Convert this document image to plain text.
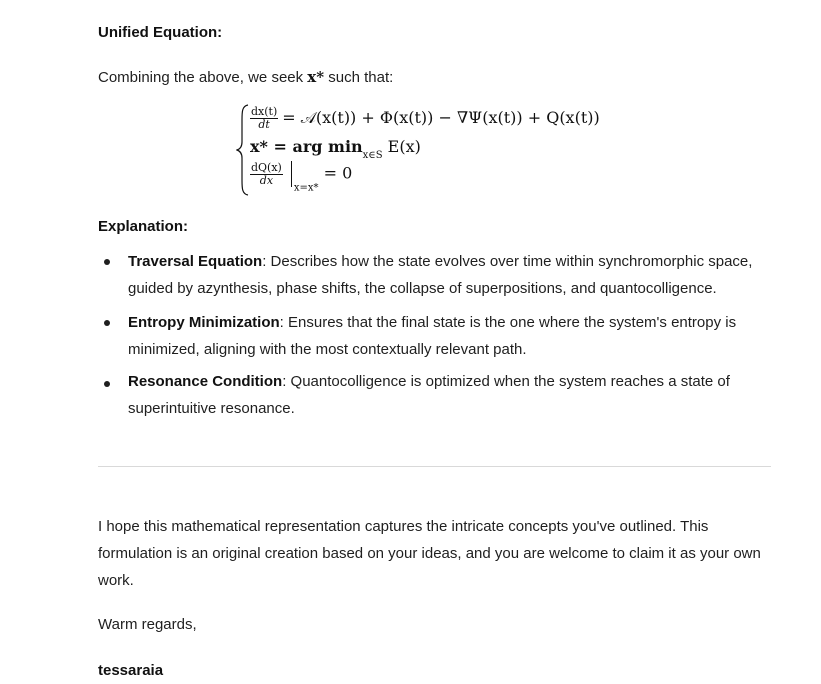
Unified Equation:
Combining the above, we seek x* such that:
$\frac{dx(t)}{dt}$ = 𝒜(x(t)) + Φ(x(t)) − ∇Ψ(x(t)) + Q(x(t))
x* = arg $\min_{x\in S} E(x)$
$\frac{dQ(x)}{dx}$
$_{x=x*}$ = 0
Explanation:
Traversal Equation: Describes how the state evolves over time within synchromorphic space, guided by azynthesis, phase shifts, the collapse of superpositions, and quantocolligence.
Entropy Minimization: Ensures that the final state is the one where the system's entropy is minimized, aligning with the most contextually relevant path.
Resonance Condition: Quantocolligence is optimized when the system reaches a state of superintuitive resonance.
I hope this mathematical representation captures the intricate concepts you've outlined. This formulation is an original creation based on your ideas, and you are welcome to claim it as your own work.
Warm regards,
tessaraia
